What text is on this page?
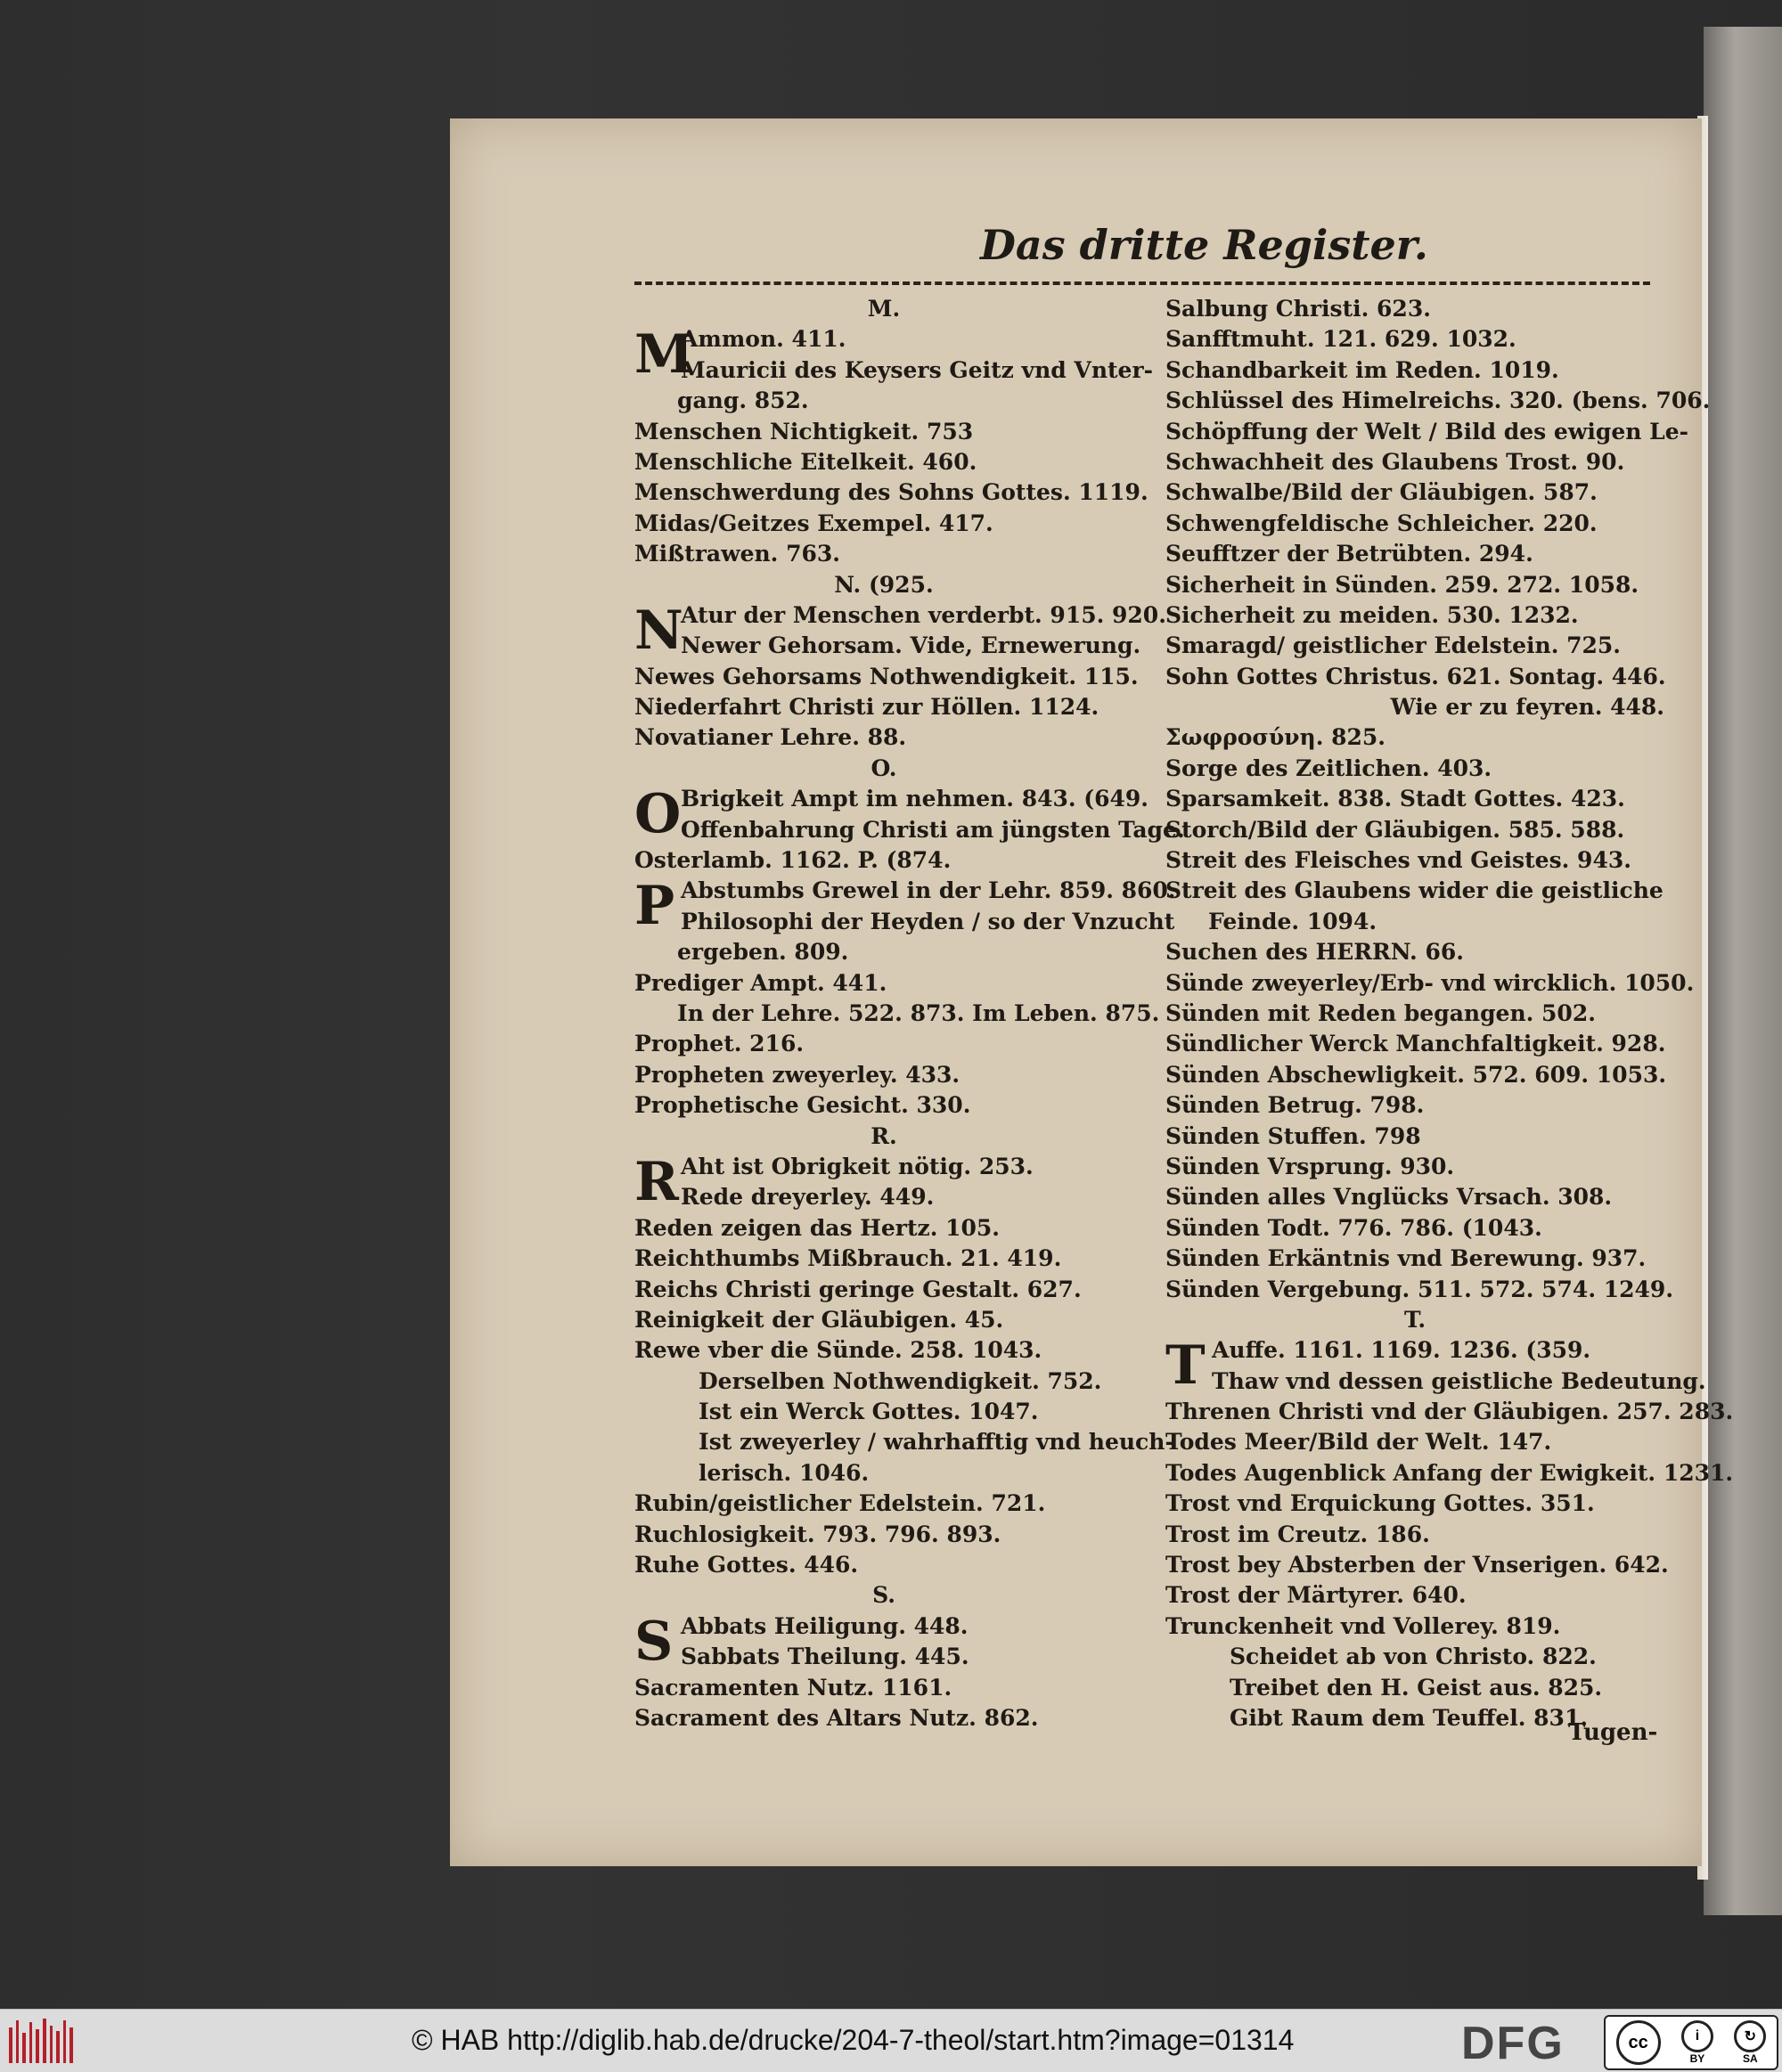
Das dritte Register.
M.
M
Ammon. 411.
Mauricii des Keysers Geitz vnd Vnter-
gang. 852.
Menschen Nichtigkeit. 753
Menschliche Eitelkeit. 460.
Menschwerdung des Sohns Gottes. 1119.
Midas/Geitzes Exempel. 417.
Mißtrawen. 763.
N. (925.
N
Atur der Menschen verderbt. 915. 920.
Newer Gehorsam. Vide, Ernewerung.
Newes Gehorsams Nothwendigkeit. 115.
Niederfahrt Christi zur Höllen. 1124.
Novatianer Lehre. 88.
O.
O Brigkeit Ampt im nehmen. 843. (649.
Offenbahrung Christi am jüngsten Tage.
Osterlamb. 1162. P. (874.
P Abstumbs Grewel in der Lehr. 859. 860.
Philosophi der Heyden / so der Vnzucht
ergeben. 809.
Prediger Ampt. 441.
In der Lehre. 522. 873. Im Leben. 875.
Prophet. 216.
Propheten zweyerley. 433.
Prophetische Gesicht. 330.
R.
R Aht ist Obrigkeit nötig. 253.
Rede dreyerley. 449.
Reden zeigen das Hertz. 105.
Reichthumbs Mißbrauch. 21. 419.
Reichs Christi geringe Gestalt. 627.
Reinigkeit der Gläubigen. 45.
Rewe vber die Sünde. 258. 1043.
Derselben Nothwendigkeit. 752.
Ist ein Werck Gottes. 1047.
Ist zweyerley / wahrhafftig vnd heuch-
lerisch. 1046.
Rubin/geistlicher Edelstein. 721.
Ruchlosigkeit. 793. 796. 893.
Ruhe Gottes. 446.
S.
S Abbats Heiligung. 448.
Sabbats Theilung. 445.
Sacramenten Nutz. 1161.
Sacrament des Altars Nutz. 862.
Salbung Christi. 623.
Sanfftmuht. 121. 629. 1032.
Schandbarkeit im Reden. 1019.
Schlüssel des Himelreichs. 320. (bens. 706.
Schöpffung der Welt / Bild des ewigen Le-
Schwachheit des Glaubens Trost. 90.
Schwalbe/Bild der Gläubigen. 587.
Schwengfeldische Schleicher. 220.
Seufftzer der Betrübten. 294.
Sicherheit in Sünden. 259. 272. 1058.
Sicherheit zu meiden. 530. 1232.
Smaragd/ geistlicher Edelstein. 725.
Sohn Gottes Christus. 621. Sontag. 446.
Wie er zu feyren. 448.
Σωφροσύνη. 825.
Sorge des Zeitlichen. 403.
Sparsamkeit. 838. Stadt Gottes. 423.
Storch/Bild der Gläubigen. 585. 588.
Streit des Fleisches vnd Geistes. 943.
Streit des Glaubens wider die geistliche
Feinde. 1094.
Suchen des HERRN. 66.
Sünde zweyerley/Erb- vnd wircklich. 1050.
Sünden mit Reden begangen. 502.
Sündlicher Werck Manchfaltigkeit. 928.
Sünden Abschewligkeit. 572. 609. 1053.
Sünden Betrug. 798.
Sünden Stuffen. 798
Sünden Vrsprung. 930.
Sünden alles Vnglücks Vrsach. 308.
Sünden Todt. 776. 786. (1043.
Sünden Erkäntnis vnd Berewung. 937.
Sünden Vergebung. 511. 572. 574. 1249.
T.
T Auffe. 1161. 1169. 1236. (359.
Thaw vnd dessen geistliche Bedeutung.
Threnen Christi vnd der Gläubigen. 257. 283.
Todes Meer/Bild der Welt. 147.
Todes Augenblick Anfang der Ewigkeit. 1231.
Trost vnd Erquickung Gottes. 351.
Trost im Creutz. 186.
Trost bey Absterben der Vnserigen. 642.
Trost der Märtyrer. 640.
Trunckenheit vnd Vollerey. 819.
Scheidet ab von Christo. 822.
Treibet den H. Geist aus. 825.
Gibt Raum dem Teuffel. 831.
Tugen-
© HAB http://diglib.hab.de/drucke/204-7-theol/start.htm?image=01314	DFG	cc	i
BY
↻
SA
